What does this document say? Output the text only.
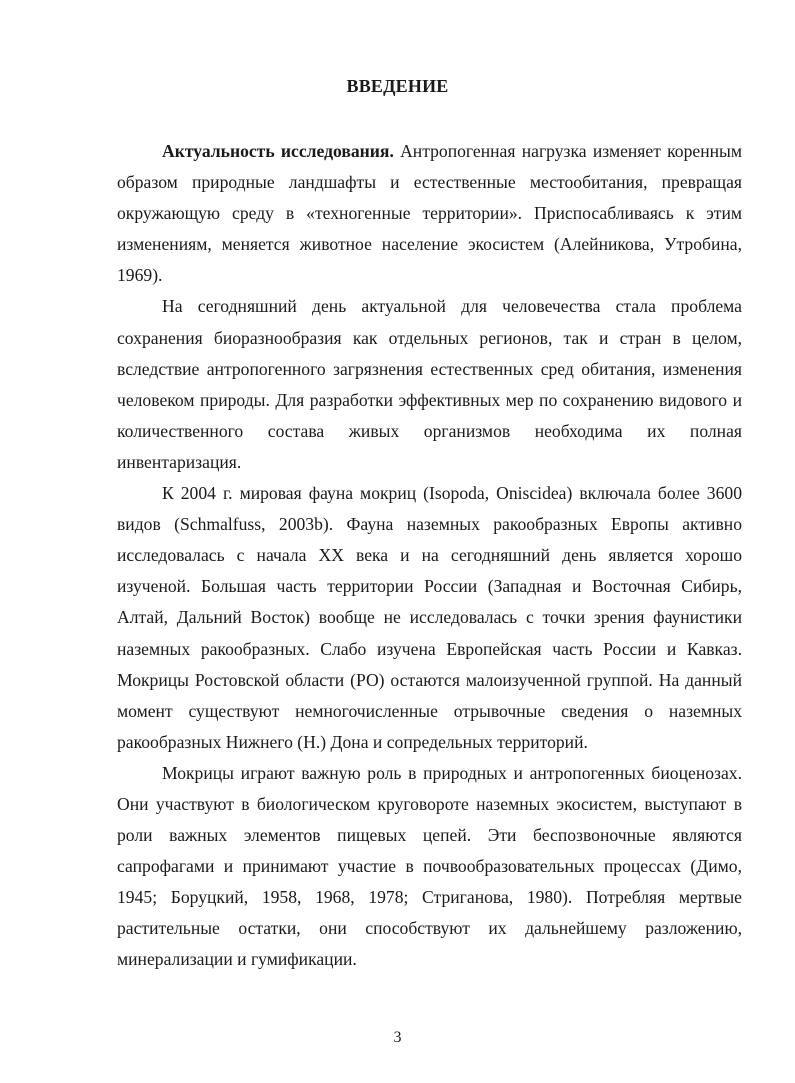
ВВЕДЕНИЕ

Актуальность исследования. Антропогенная нагрузка изменяет коренным образом природные ландшафты и естественные местообитания, превращая окружающую среду в «техногенные территории». Приспосабливаясь к этим изменениям, меняется животное население экосистем (Алейникова, Утробина, 1969).

На сегодняшний день актуальной для человечества стала проблема сохранения биоразнообразия как отдельных регионов, так и стран в целом, вследствие антропогенного загрязнения естественных сред обитания, изменения человеком природы. Для разработки эффективных мер по сохранению видового и количественного состава живых организмов необходима их полная инвентаризация.

К 2004 г. мировая фауна мокриц (Isopoda, Oniscidea) включала более 3600 видов (Schmalfuss, 2003b). Фауна наземных ракообразных Европы активно исследовалась с начала XX века и на сегодняшний день является хорошо изученой. Большая часть территории России (Западная и Восточная Сибирь, Алтай, Дальний Восток) вообще не исследовалась с точки зрения фаунистики наземных ракообразных. Слабо изучена Европейская часть России и Кавказ. Мокрицы Ростовской области (РО) остаются малоизученной группой. На данный момент существуют немногочисленные отрывочные сведения о наземных ракообразных Нижнего (Н.) Дона и сопредельных территорий.

Мокрицы играют важную роль в природных и антропогенных биоценозах. Они участвуют в биологическом круговороте наземных экосистем, выступают в роли важных элементов пищевых цепей. Эти беспозвоночные являются сапрофагами и принимают участие в почвообразовательных процессах (Димо, 1945; Боруцкий, 1958, 1968, 1978; Стриганова, 1980). Потребляя мертвые растительные остатки, они способствуют их дальнейшему разложению, минерализации и гумификации.

3
